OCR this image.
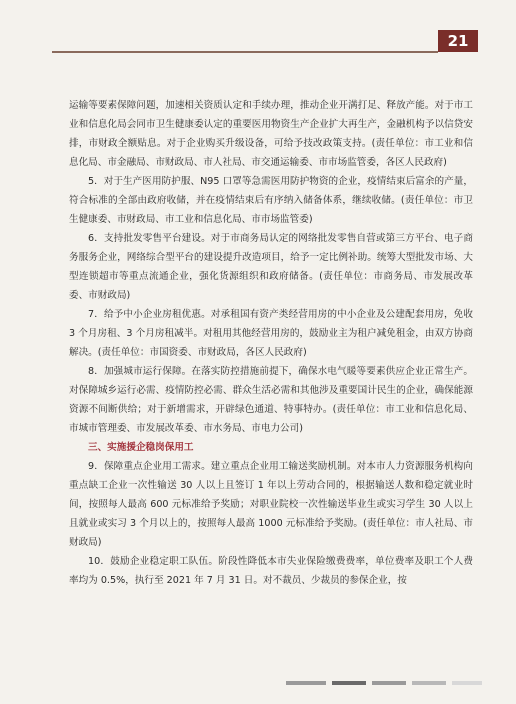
21

运输等要素保障问题，加速相关资质认定和手续办理，推动企业开满打足、释放产能。对于市工业和信息化局会同市卫生健康委认定的重要医用物资生产企业扩大再生产，金融机构予以信贷安排，市财政全额贴息。对于企业购买升级设备，可给予技改政策支持。(责任单位：市工业和信息化局、市金融局、市财政局、市人社局、市交通运输委、市市场监管委，各区人民政府)

5．对于生产医用防护服、N95 口罩等急需医用防护物资的企业，疫情结束后富余的产量，符合标准的全部由政府收储，并在疫情结束后有序纳入储备体系，继续收储。(责任单位：市卫生健康委、市财政局、市工业和信息化局、市市场监管委)

6．支持批发零售平台建设。对于市商务局认定的网络批发零售自营或第三方平台、电子商务服务企业，网络综合型平台的建设提升改造项目，给予一定比例补助。统筹大型批发市场、大型连锁超市等重点流通企业，强化货源组织和政府储备。(责任单位：市商务局、市发展改革委、市财政局)

7．给予中小企业房租优惠。对承租国有资产类经营用房的中小企业及公建配套用房，免收 3 个月房租、3 个月房租减半。对租用其他经营用房的，鼓励业主为租户减免租金，由双方协商解决。(责任单位：市国资委、市财政局，各区人民政府)

8．加强城市运行保障。在落实防控措施前提下，确保水电气暖等要素供应企业正常生产。对保障城乡运行必需、疫情防控必需、群众生活必需和其他涉及重要国计民生的企业，确保能源资源不间断供给；对于新增需求，开辟绿色通道、特事特办。(责任单位：市工业和信息化局、市城市管理委、市发展改革委、市水务局、市电力公司)

三、实施援企稳岗保用工

9．保障重点企业用工需求。建立重点企业用工输送奖励机制。对本市人力资源服务机构向重点缺工企业一次性输送 30 人以上且签订 1 年以上劳动合同的，根据输送人数和稳定就业时间，按照每人最高 600 元标准给予奖励；对职业院校一次性输送毕业生或实习学生 30 人以上且就业或实习 3 个月以上的，按照每人最高 1000 元标准给予奖励。(责任单位：市人社局、市财政局)

10．鼓励企业稳定职工队伍。阶段性降低本市失业保险缴费费率，单位费率及职工个人费率均为 0.5%，执行至 2021 年 7 月 31 日。对不裁员、少裁员的参保企业，按
